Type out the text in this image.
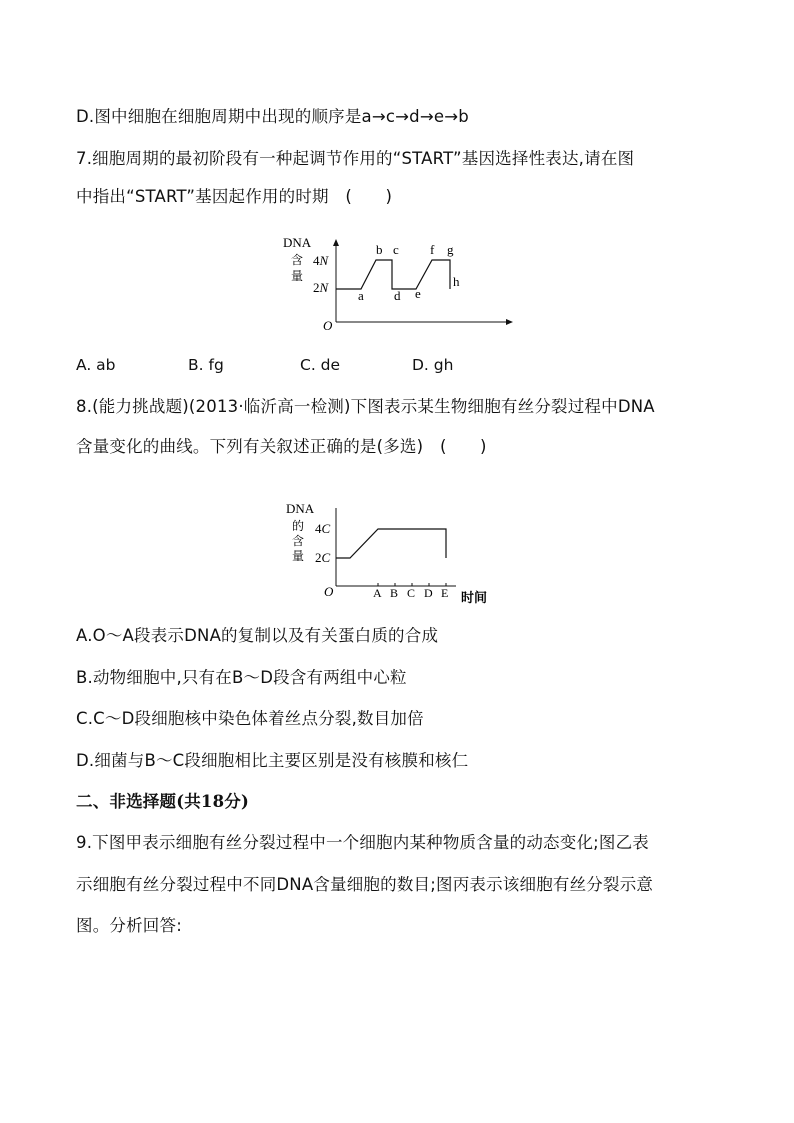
D.图中细胞在细胞周期中出现的顺序是a→c→d→e→b
7.细胞周期的最初阶段有一种起调节作用的“START”基因选择性表达,请在图
中指出“START”基因起作用的时期　(　　)
DNA
含
量
4N
2N
O
a
b c
d e
f g
h
A. ab	B. fg	C. de	D. gh
8.(能力挑战题)(2013·临沂高一检测)下图表示某生物细胞有丝分裂过程中DNA
含量变化的曲线。下列有关叙述正确的是(多选)　(　　)
DNA
的
含
量
4C
2C
O	A B C D E 时间
A.O～A段表示DNA的复制以及有关蛋白质的合成
B.动物细胞中,只有在B～D段含有两组中心粒
C.C～D段细胞核中染色体着丝点分裂,数目加倍
D.细菌与B～C段细胞相比主要区别是没有核膜和核仁
二、非选择题(共18分)
9.下图甲表示细胞有丝分裂过程中一个细胞内某种物质含量的动态变化;图乙表
示细胞有丝分裂过程中不同DNA含量细胞的数目;图丙表示该细胞有丝分裂示意
图。分析回答:
